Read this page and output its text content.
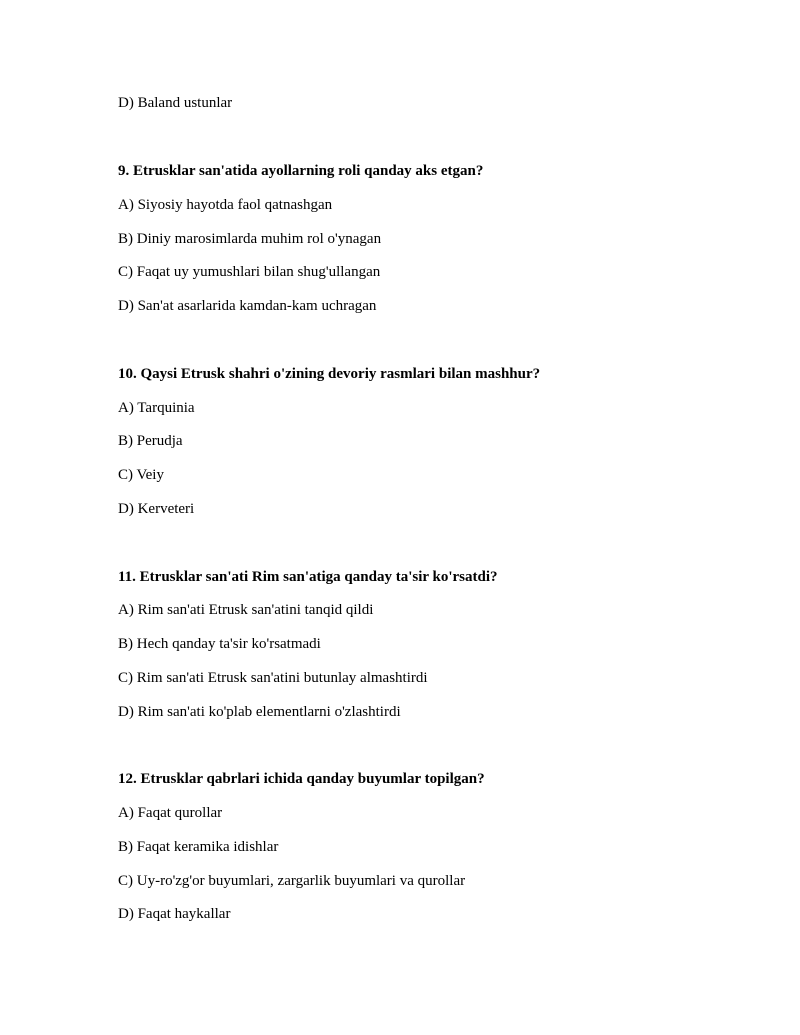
D) Baland ustunlar
9. Etrusklar san'atida ayollarning roli qanday aks etgan?
A) Siyosiy hayotda faol qatnashgan
B) Diniy marosimlarda muhim rol o'ynagan
C) Faqat uy yumushlari bilan shug'ullangan
D) San'at asarlarida kamdan-kam uchragan
10. Qaysi Etrusk shahri o'zining devoriy rasmlari bilan mashhur?
A) Tarquinia
B) Perudja
C) Veiy
D) Kerveteri
11. Etrusklar san'ati Rim san'atiga qanday ta'sir ko'rsatdi?
A) Rim san'ati Etrusk san'atini tanqid qildi
B) Hech qanday ta'sir ko'rsatmadi
C) Rim san'ati Etrusk san'atini butunlay almashtirdi
D) Rim san'ati ko'plab elementlarni o'zlashtirdi
12. Etrusklar qabrlari ichida qanday buyumlar topilgan?
A) Faqat qurollar
B) Faqat keramika idishlar
C) Uy-ro'zg'or buyumlari, zargarlik buyumlari va qurollar
D) Faqat haykallar
